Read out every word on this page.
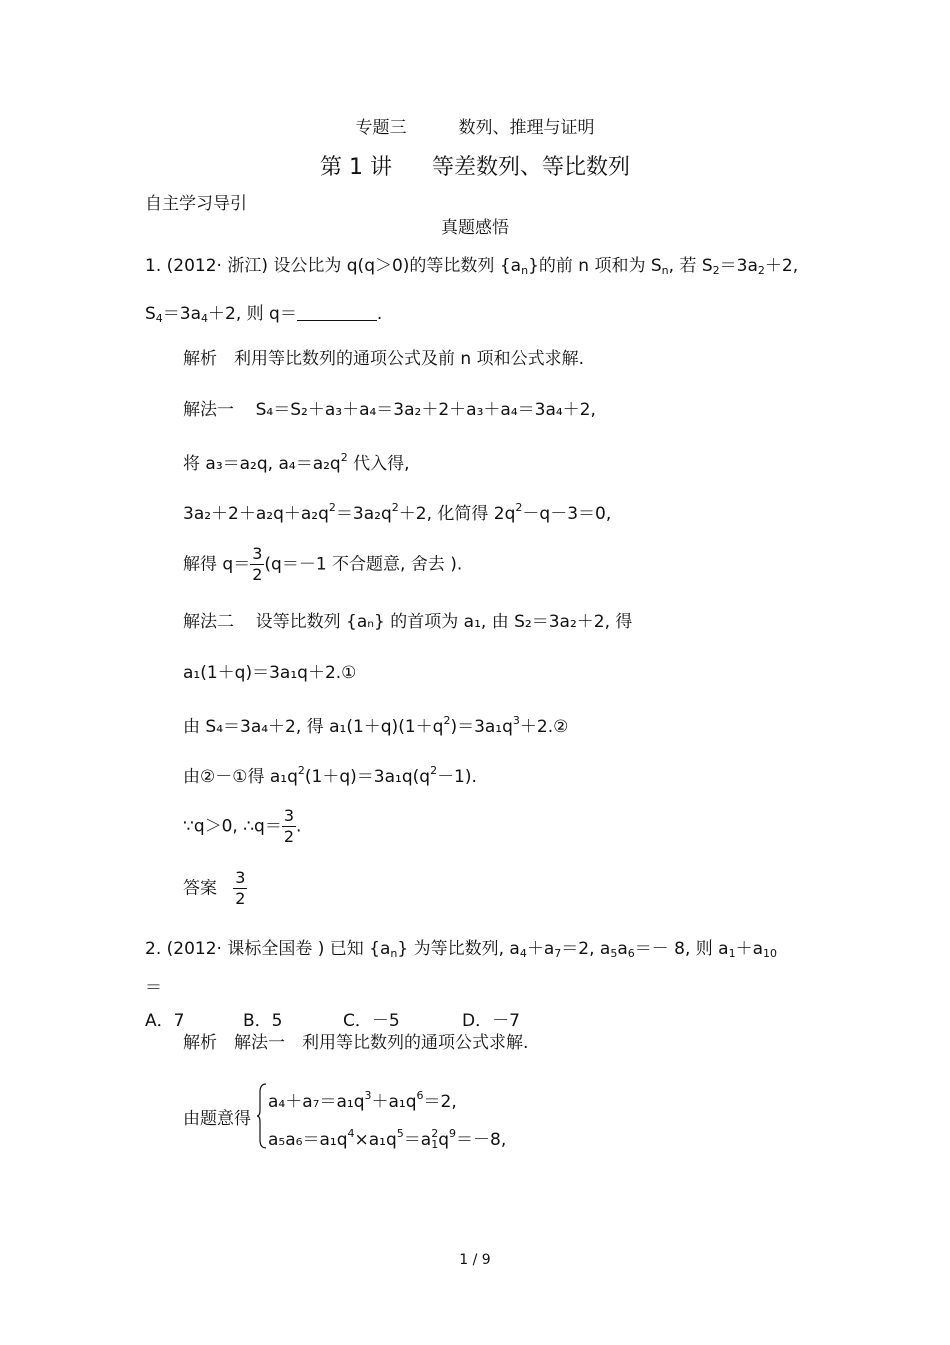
专题三	数列、推理与证明
第 1 讲 等差数列、等比数列
自主学习导引
真题感悟
1. (2012· 浙江) 设公比为 q(q＞0)的等比数列 $\{a_n\}$的前 n 项和为 $S_n$, 若 $S_2=3a_2+2$,
$S_4=3a_4+2$, 则 q＝	.
解析　利用等比数列的通项公式及前 n 项和公式求解.
解法一 S₄＝S₂＋a₃＋a₄＝3a₂＋2＋a₃＋a₄＝3a₄＋2,
将 a₃＝a₂q, $a_4=a_2q^2$ 代入得,
$3a_2+2+a_2q+a_2q^2=3a_2q^2+2$, 化简得 $2q^2-q-3=0$,
解得 $q= \frac{3}{2} (q=-1$ 不合题意, 舍去 ).
解法二 设等比数列 {aₙ} 的首项为 a₁, 由 S₂＝3a₂＋2, 得
a₁(1＋q)＝3a₁q＋2.①
由 S₄＝3a₄＋2, 得 $a_1(1+q)(1+q^2)=3a_1q^3+2.②$
由②－①得 $a_1q^2(1+q)=3a_1q(q^2-1)$.
∵q＞0, ∴q＝ $\frac{3}{2}$ .
答案 $\frac{3}{2}$
2. (2012· 课标全国卷 ) 已知 $\{a_n\}$ 为等比数列, $a_4+a_7=2$, $a_5a_6=- 8$, 则 $a_1+a_{10}$
＝
A．7	B．5	C．－5	D．－7
解析　解法一　利用等比数列的通项公式求解.
由题意得
$a_4+a_7=a_1q^3+a_1q^6=2$,
$a_5a_6=a_1q^4\times a_1q^5=a^2_1q^9=-8$,
1 / 9
